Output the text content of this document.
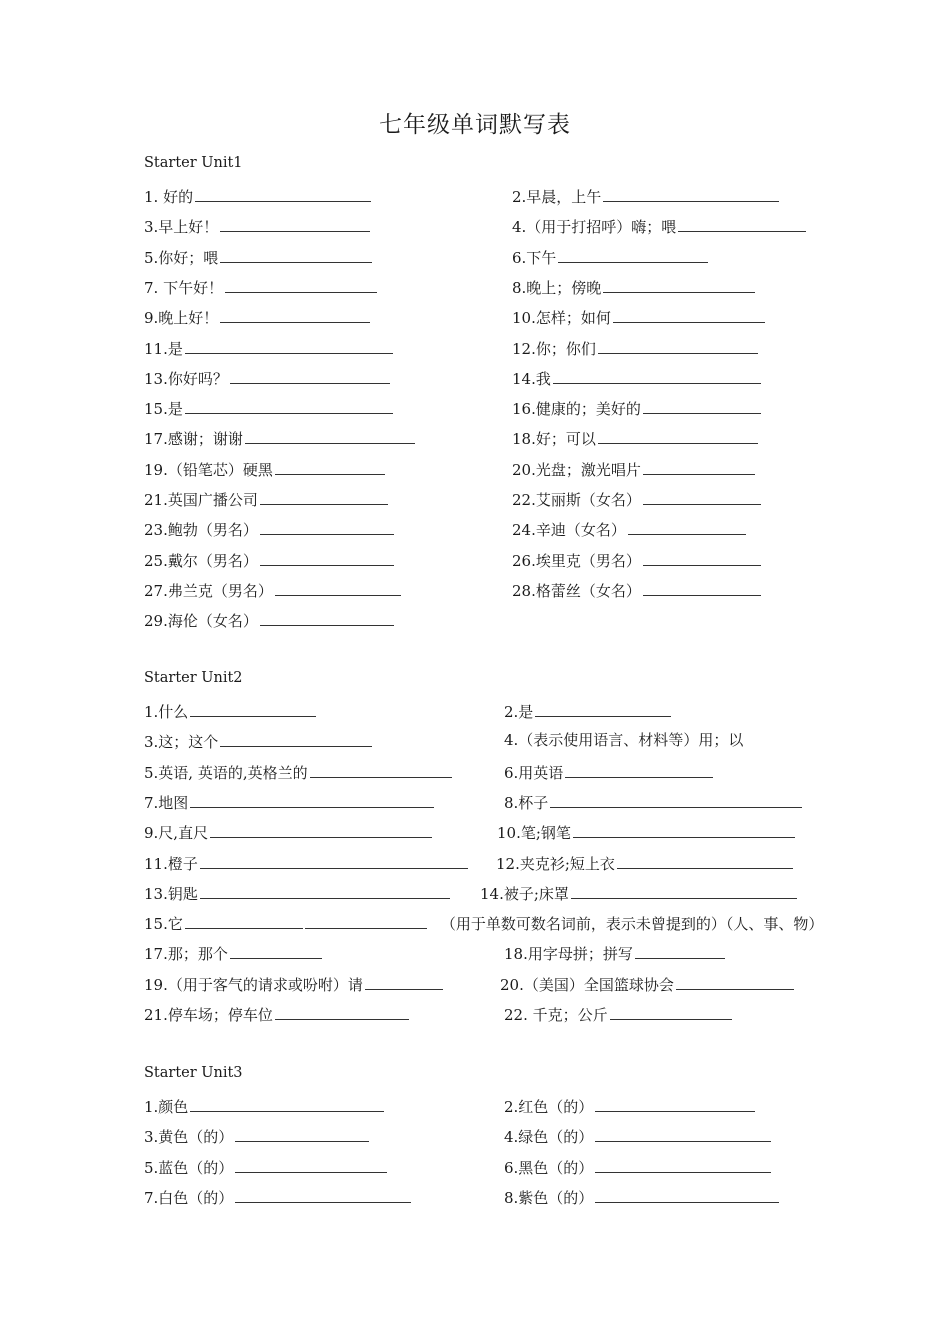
七年级单词默写表
Starter Unit1
1. 好的	2.早晨，上午
3.早上好！	4.（用于打招呼）嗨；喂
5.你好；喂	6.下午
7. 下午好！	8.晚上；傍晚
9.晚上好！	10.怎样；如何
11.是	12.你；你们
13.你好吗？	14.我
15.是	16.健康的；美好的
17.感谢；谢谢	18.好；可以
19.（铅笔芯）硬黑	20.光盘；激光唱片
21.英国广播公司	22.艾丽斯（女名）
23.鲍勃（男名）	24.辛迪（女名）
25.戴尔（男名）	26.埃里克（男名）
27.弗兰克（男名）	28.格蕾丝（女名）
29.海伦（女名）
Starter Unit2
1.什么	2.是
3.这；这个	4.（表示使用语言、材料等）用；以
5.英语, 英语的,英格兰的	6.用英语
7.地图	8.杯子
9.尺,直尺	10.笔;钢笔
11.橙子	12.夹克衫;短上衣
13.钥匙	14.被子;床罩
15.它	（用于单数可数名词前，表示未曾提到的）（人、事、物）
17.那；那个	18.用字母拼；拼写
19.（用于客气的请求或吩咐）请	20.（美国）全国篮球协会
21.停车场；停车位	22. 千克；公斤
Starter Unit3
1.颜色	2.红色（的）
3.黄色（的）	4.绿色（的）
5.蓝色（的）	6.黑色（的）
7.白色（的）	8.紫色（的）
